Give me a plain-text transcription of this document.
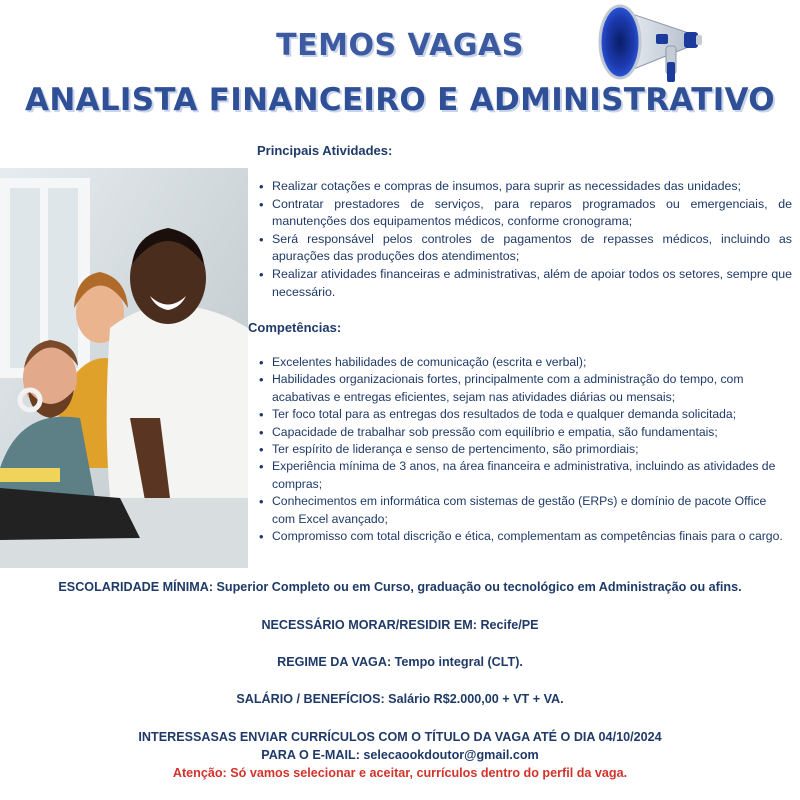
TEMOS VAGAS
ANALISTA FINANCEIRO E ADMINISTRATIVO
Principais Atividades:
• Realizar cotações e compras de insumos, para suprir as necessidades das unidades;
• Contratar prestadores de serviços, para reparos programados ou emergenciais, de manutenções dos equipamentos médicos, conforme cronograma;
• Será responsável pelos controles de pagamentos de repasses médicos, incluindo as apurações das produções dos atendimentos;
• Realizar atividades financeiras e administrativas, além de apoiar todos os setores, sempre que necessário.
Competências:
• Excelentes habilidades de comunicação (escrita e verbal);
• Habilidades organizacionais fortes, principalmente com a administração do tempo, com acabativas e entregas eficientes, sejam nas atividades diárias ou mensais;
• Ter foco total para as entregas dos resultados de toda e qualquer demanda solicitada;
• Capacidade de trabalhar sob pressão com equilíbrio e empatia, são fundamentais;
• Ter espírito de liderança e senso de pertencimento, são primordiais;
• Experiência mínima de 3 anos, na área financeira e administrativa, incluindo as atividades de compras;
• Conhecimentos em informática com sistemas de gestão (ERPs) e domínio de pacote Office com Excel avançado;
• Compromisso com total discrição e ética, complementam as competências finais para o cargo.
ESCOLARIDADE MÍNIMA: Superior Completo ou em Curso, graduação ou tecnológico em Administração ou afins.
NECESSÁRIO MORAR/RESIDIR EM: Recife/PE
REGIME DA VAGA: Tempo integral (CLT).
SALÁRIO / BENEFÍCIOS: Salário R$2.000,00 + VT + VA.
INTERESSASAS ENVIAR CURRÍCULOS COM O TÍTULO DA VAGA ATÉ O DIA 04/10/2024
PARA O E-MAIL: selecaookdoutor@gmail.com
Atenção: Só vamos selecionar e aceitar, currículos dentro do perfil da vaga.
